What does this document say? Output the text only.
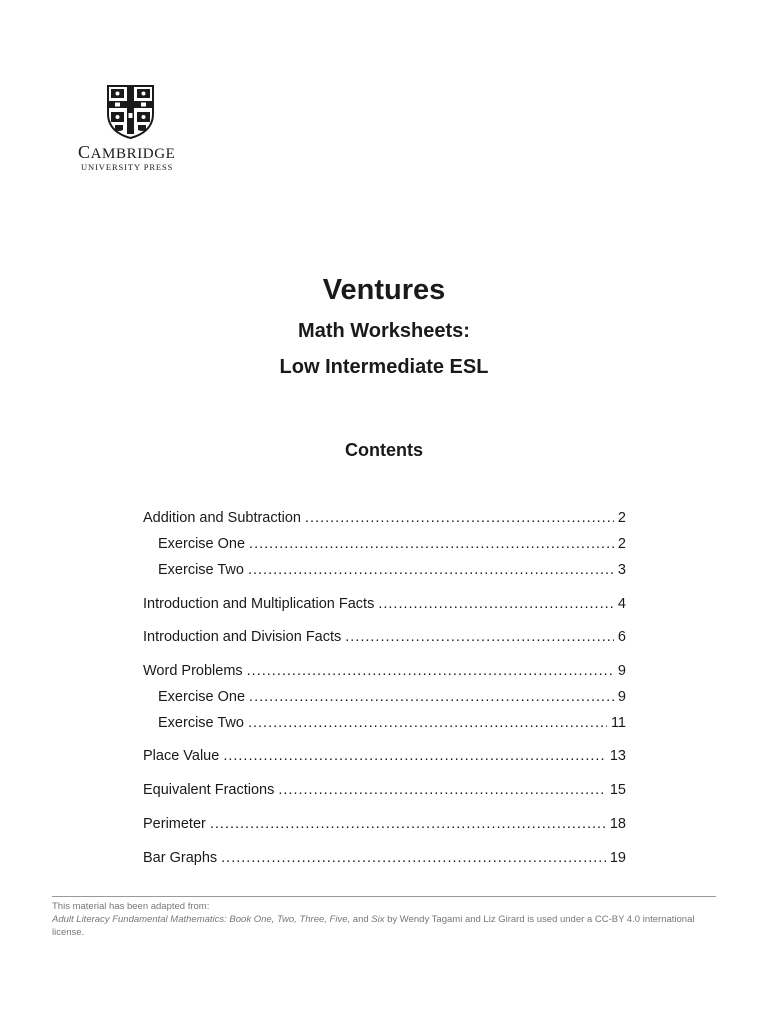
CAMBRIDGE
UNIVERSITY PRESS
Ventures
Math Worksheets:
Low Intermediate ESL
Contents
Addition and Subtraction .....	2
Exercise One .....	2
Exercise Two .....	3
Introduction and Multiplication Facts .....	4
Introduction and Division Facts .....	6
Word Problems .....	9
Exercise One .....	9
Exercise Two .....	11
Place Value .....	13
Equivalent Fractions .....	15
Perimeter .....	18
Bar Graphs .....	19
This material has been adapted from:
Adult Literacy Fundamental Mathematics: Book One, Two, Three, Five, and Six by Wendy Tagami and Liz Girard is used under a CC-BY 4.0 international license.
